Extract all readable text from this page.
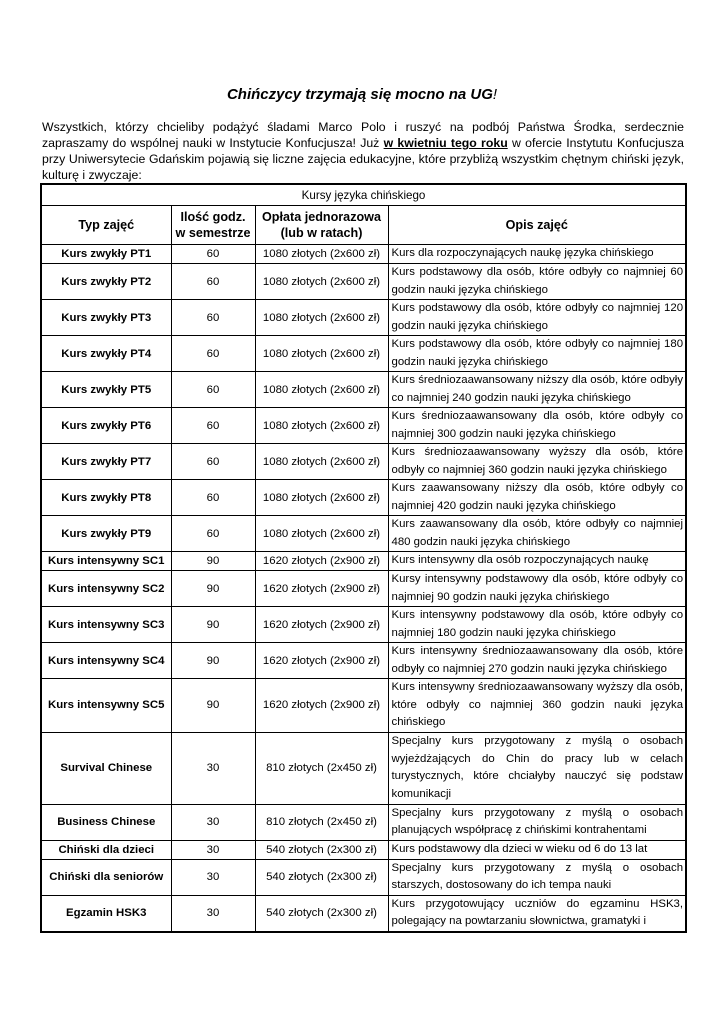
Chińczycy trzymają się mocno na UG!

Wszystkich, którzy chcieliby podążyć śladami Marco Polo i ruszyć na podbój Państwa Środka, serdecznie zapraszamy do wspólnej nauki w Instytucie Konfucjusza! Już w kwietniu tego roku w ofercie Instytutu Konfucjusza przy Uniwersytecie Gdańskim pojawią się liczne zajęcia edukacyjne, które przybliżą wszystkim chętnym chiński język, kulturę i zwyczaje:

Kursy języka chińskiego			
Typ zajęć	Ilość godz. w semestrze	Opłata jednorazowa (lub w ratach)	Opis zajęć
Kurs zwykły PT1	60	1080 złotych (2x600 zł)	Kurs dla rozpoczynających naukę języka chińskiego
Kurs zwykły PT2	60	1080 złotych (2x600 zł)	Kurs podstawowy dla osób, które odbyły co najmniej 60 godzin nauki języka chińskiego
Kurs zwykły PT3	60	1080 złotych (2x600 zł)	Kurs podstawowy dla osób, które odbyły co najmniej 120 godzin nauki języka chińskiego
Kurs zwykły PT4	60	1080 złotych (2x600 zł)	Kurs podstawowy dla osób, które odbyły co najmniej 180 godzin nauki języka chińskiego
Kurs zwykły PT5	60	1080 złotych (2x600 zł)	Kurs średniozaawansowany niższy dla osób, które odbyły co najmniej 240 godzin nauki języka chińskiego
Kurs zwykły PT6	60	1080 złotych (2x600 zł)	Kurs średniozaawansowany dla osób, które odbyły co najmniej 300 godzin nauki języka chińskiego
Kurs zwykły PT7	60	1080 złotych (2x600 zł)	Kurs średniozaawansowany wyższy dla osób, które odbyły co najmniej 360 godzin nauki języka chińskiego
Kurs zwykły PT8	60	1080 złotych (2x600 zł)	Kurs zaawansowany niższy dla osób, które odbyły co najmniej 420 godzin nauki języka chińskiego
Kurs zwykły PT9	60	1080 złotych (2x600 zł)	Kurs zaawansowany dla osób, które odbyły co najmniej 480 godzin nauki języka chińskiego
Kurs intensywny SC1	90	1620 złotych (2x900 zł)	Kurs intensywny dla osób rozpoczynających naukę
Kurs intensywny SC2	90	1620 złotych (2x900 zł)	Kursy intensywny podstawowy dla osób, które odbyły co najmniej 90 godzin nauki języka chińskiego
Kurs intensywny SC3	90	1620 złotych (2x900 zł)	Kurs intensywny podstawowy dla osób, które odbyły co najmniej 180 godzin nauki języka chińskiego
Kurs intensywny SC4	90	1620 złotych (2x900 zł)	Kurs intensywny średniozaawansowany dla osób, które odbyły co najmniej 270 godzin nauki języka chińskiego
Kurs intensywny SC5	90	1620 złotych (2x900 zł)	Kurs intensywny średniozaawansowany wyższy dla osób, które odbyły co najmniej 360 godzin nauki języka chińskiego
Survival Chinese	30	810 złotych (2x450 zł)	Specjalny kurs przygotowany z myślą o osobach wyjeżdżających do Chin do pracy lub w celach turystycznych, które chciałyby nauczyć się podstaw komunikacji
Business Chinese	30	810 złotych (2x450 zł)	Specjalny kurs przygotowany z myślą o osobach planujących współpracę z chińskimi kontrahentami
Chiński dla dzieci	30	540 złotych (2x300 zł)	Kurs podstawowy dla dzieci w wieku od 6 do 13 lat
Chiński dla seniorów	30	540 złotych (2x300 zł)	Specjalny kurs przygotowany z myślą o osobach starszych, dostosowany do ich tempa nauki
Egzamin HSK3	30	540 złotych (2x300 zł)	Kurs przygotowujący uczniów do egzaminu HSK3, polegający na powtarzaniu słownictwa, gramatyki i
